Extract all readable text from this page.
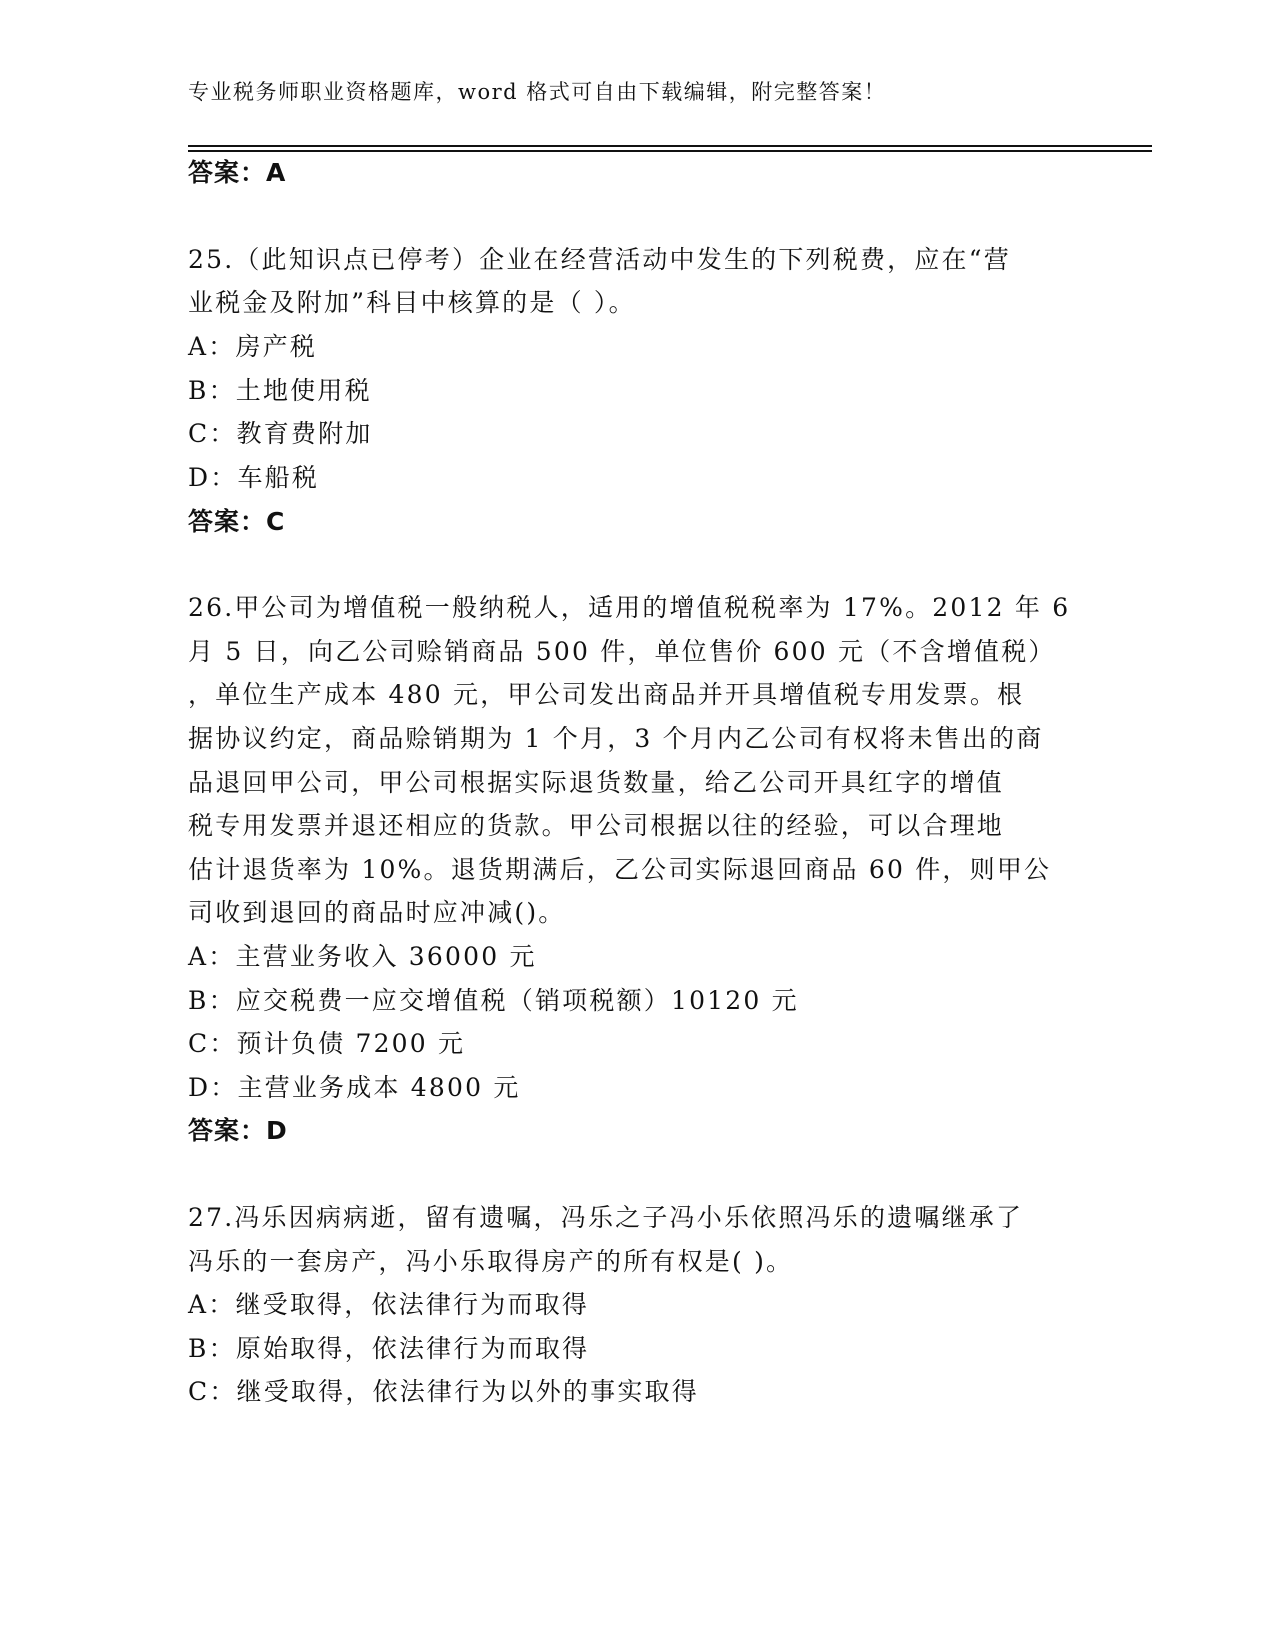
专业税务师职业资格题库，word 格式可自由下载编辑，附完整答案！
答案：A
25.（此知识点已停考）企业在经营活动中发生的下列税费，应在“营
业税金及附加”科目中核算的是（ ）。
A：房产税
B：土地使用税
C：教育费附加
D：车船税
答案：C
26.甲公司为增值税一般纳税人，适用的增值税税率为 17%。2012 年 6
月 5 日，向乙公司赊销商品 500 件，单位售价 600 元（不含增值税）
，单位生产成本 480 元，甲公司发出商品并开具增值税专用发票。根
据协议约定，商品赊销期为 1 个月，3 个月内乙公司有权将未售出的商
品退回甲公司，甲公司根据实际退货数量，给乙公司开具红字的增值
税专用发票并退还相应的货款。甲公司根据以往的经验，可以合理地
估计退货率为 10%。退货期满后，乙公司实际退回商品 60 件，则甲公
司收到退回的商品时应冲减()。
A：主营业务收入 36000 元
B：应交税费一应交增值税（销项税额）10120 元
C：预计负债 7200 元
D：主营业务成本 4800 元
答案：D
27.冯乐因病病逝，留有遗嘱，冯乐之子冯小乐依照冯乐的遗嘱继承了
冯乐的一套房产，冯小乐取得房产的所有权是( )。
A：继受取得，依法律行为而取得
B：原始取得，依法律行为而取得
C：继受取得，依法律行为以外的事实取得
